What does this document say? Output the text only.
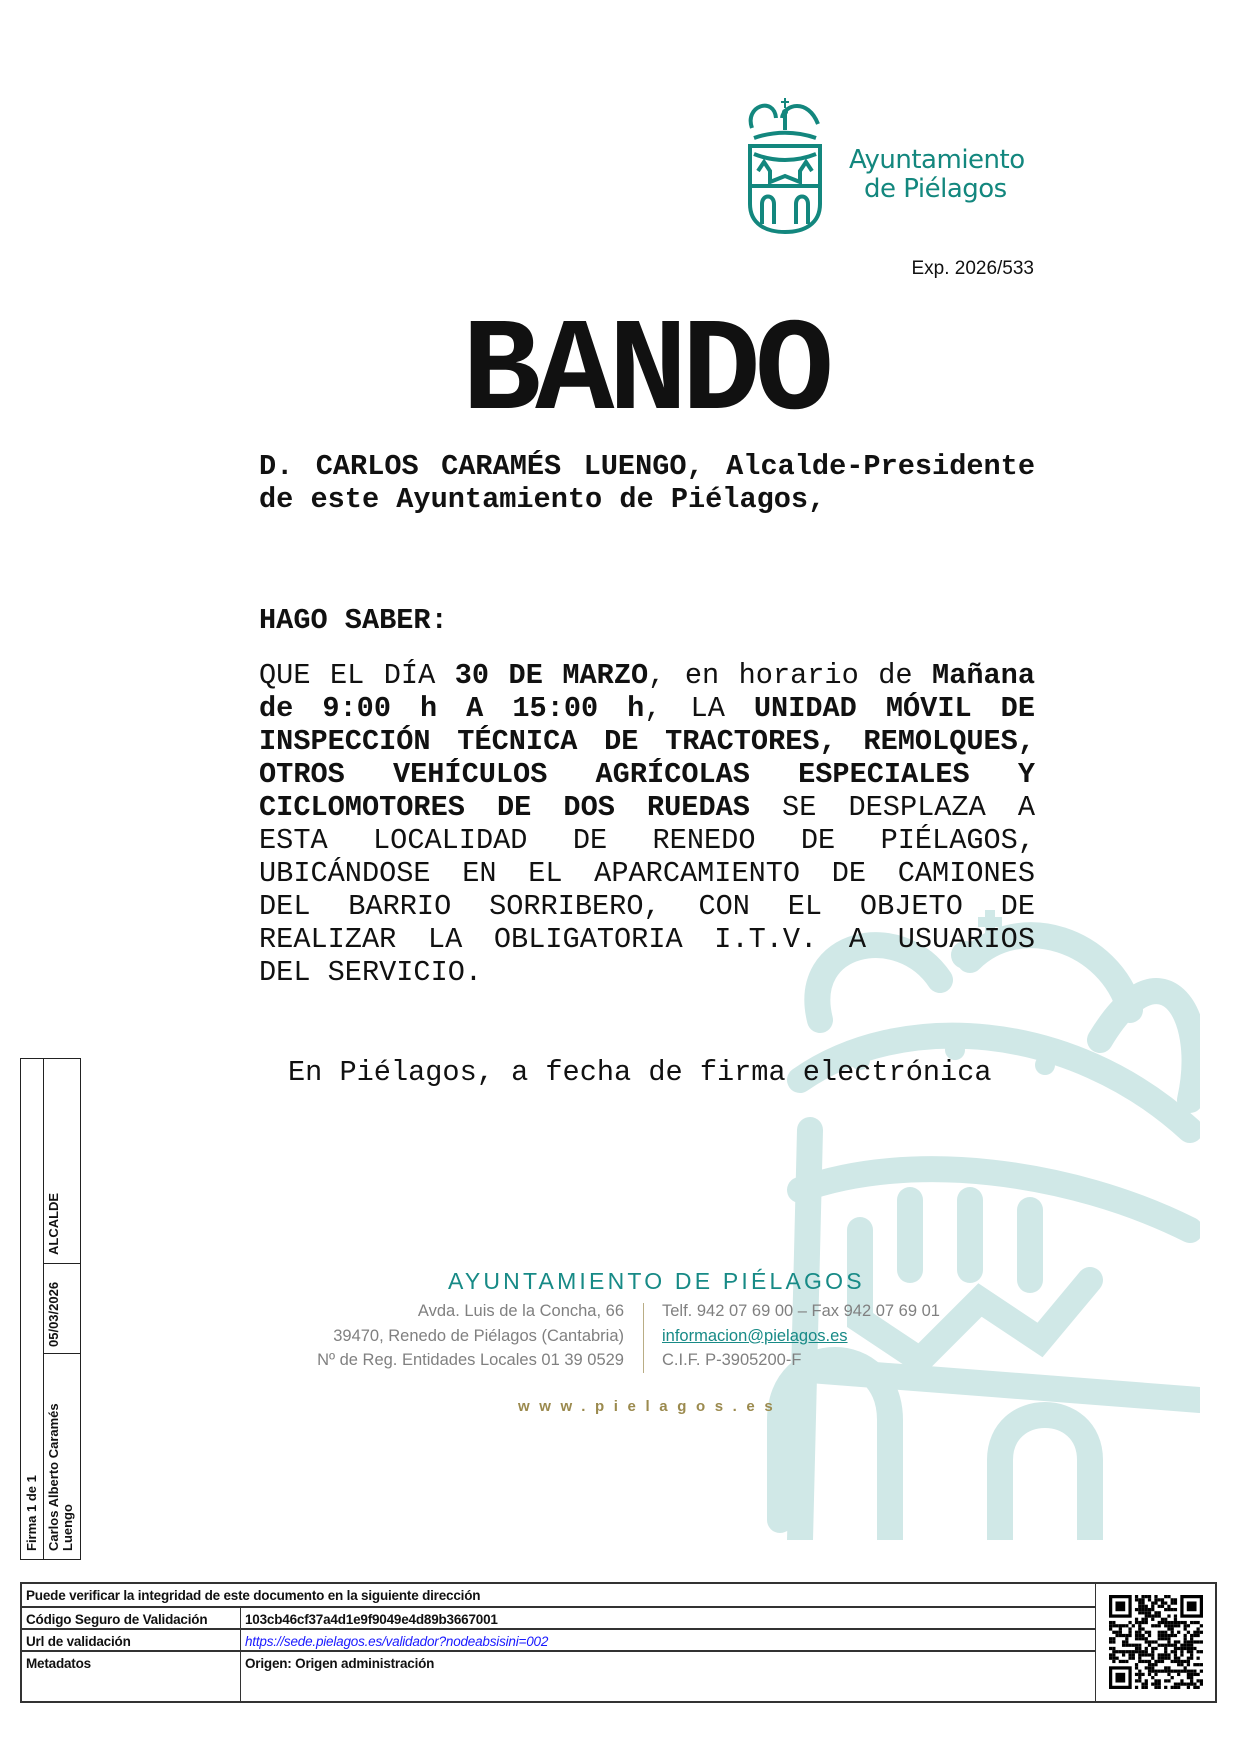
Ayuntamiento
de Piélagos
Exp. 2026/533
BANDO
D. CARLOS CARAMÉS LUENGO, Alcalde-Presidente
de este Ayuntamiento de Piélagos,
HAGO SABER:
QUE EL DÍA 30 DE MARZO, en horario de Mañana
de 9:00 h A 15:00 h, LA UNIDAD MÓVIL DE
INSPECCIÓN TÉCNICA DE TRACTORES, REMOLQUES,
OTROS VEHÍCULOS AGRÍCOLAS ESPECIALES Y
CICLOMOTORES DE DOS RUEDAS SE DESPLAZA A
ESTA LOCALIDAD DE RENEDO DE PIÉLAGOS,
UBICÁNDOSE EN EL APARCAMIENTO DE CAMIONES
DEL BARRIO SORRIBERO, CON EL OBJETO DE
REALIZAR LA OBLIGATORIA I.T.V. A USUARIOS
DEL SERVICIO.
En Piélagos, a fecha de firma electrónica
AYUNTAMIENTO DE PIÉLAGOS
Avda. Luis de la Concha, 66
39470, Renedo de Piélagos (Cantabria)
Nº de Reg. Entidades Locales 01 39 0529
Telf. 942 07 69 00 – Fax 942 07 69 01
informacion@pielagos.es
C.I.F. P-3905200-F
www.pielagos.es
Firma 1 de 1
ALCALDE
05/03/2026
Carlos Alberto Caramés Luengo
Puede verificar la integridad de este documento en la siguiente dirección
Código Seguro de Validación	103cb46cf37a4d1e9f9049e4d89b3667001
Url de validación	https://sede.pielagos.es/validador?nodeabsisini=002
Metadatos	Origen: Origen administración
